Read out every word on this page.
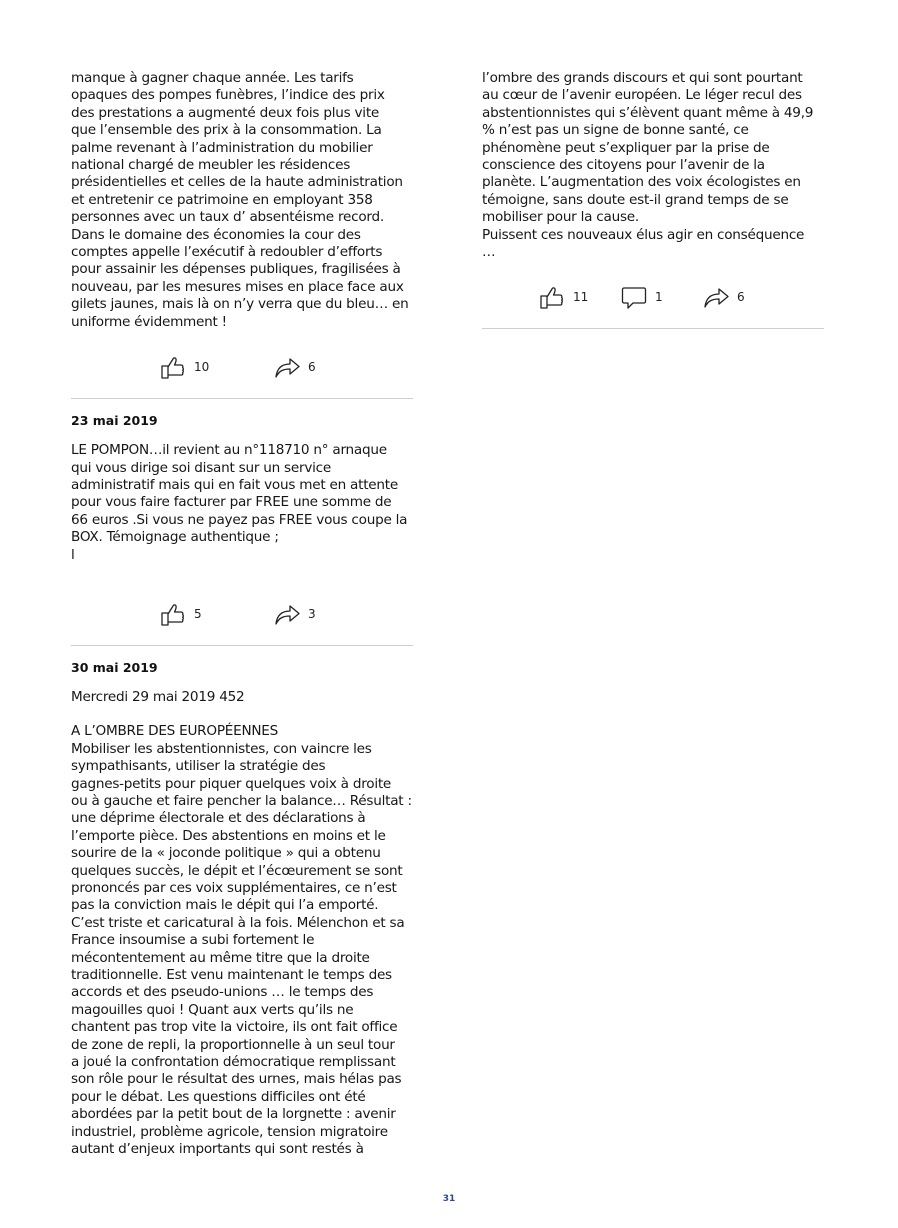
manque à gagner chaque année. Les tarifs
opaques des pompes funèbres, l’indice des prix
des prestations a augmenté deux fois plus vite
que l’ensemble des prix à la consommation. La
palme revenant à l’administration du mobilier
national chargé de meubler les résidences
présidentielles et celles de la haute administration
et entretenir ce patrimoine en employant 358
personnes avec un taux d’ absentéisme record.
Dans le domaine des économies la cour des
comptes appelle l’exécutif à redoubler d’efforts
pour assainir les dépenses publiques, fragilisées à
nouveau, par les mesures mises en place face aux
gilets jaunes, mais là on n’y verra que du bleu… en
uniforme évidemment !

10	6

23 mai 2019

LE POMPON…il revient au n°118710 n° arnaque
qui vous dirige soi disant sur un service
administratif mais qui en fait vous met en attente
pour vous faire facturer par FREE une somme de
66 euros .Si vous ne payez pas FREE vous coupe la
BOX. Témoignage authentique ;
l

5	3

30 mai 2019

Mercredi 29 mai 2019 452

A L’OMBRE DES EUROPÉENNES
Mobiliser les abstentionnistes, con vaincre les
sympathisants, utiliser la stratégie des
gagnes-petits pour piquer quelques voix à droite
ou à gauche et faire pencher la balance… Résultat :
une déprime électorale et des déclarations à
l’emporte pièce. Des abstentions en moins et le
sourire de la « joconde politique » qui a obtenu
quelques succès, le dépit et l’écœurement se sont
prononcés par ces voix supplémentaires, ce n’est
pas la conviction mais le dépit qui l’a emporté.
C’est triste et caricatural à la fois. Mélenchon et sa
France insoumise a subi fortement le
mécontentement au même titre que la droite
traditionnelle. Est venu maintenant le temps des
accords et des pseudo-unions … le temps des
magouilles quoi ! Quant aux verts qu’ils ne
chantent pas trop vite la victoire, ils ont fait office
de zone de repli, la proportionnelle à un seul tour
a joué la confrontation démocratique remplissant
son rôle pour le résultat des urnes, mais hélas pas
pour le débat. Les questions difficiles ont été
abordées par la petit bout de la lorgnette : avenir
industriel, problème agricole, tension migratoire
autant d’enjeux importants qui sont restés à

l’ombre des grands discours et qui sont pourtant
au cœur de l’avenir européen. Le léger recul des
abstentionnistes qui s’élèvent quant même à 49,9
% n’est pas un signe de bonne santé, ce
phénomène peut s’expliquer par la prise de
conscience des citoyens pour l’avenir de la
planète. L’augmentation des voix écologistes en
témoigne, sans doute est-il grand temps de se
mobiliser pour la cause.
Puissent ces nouveaux élus agir en conséquence
…

11	1	6
31
